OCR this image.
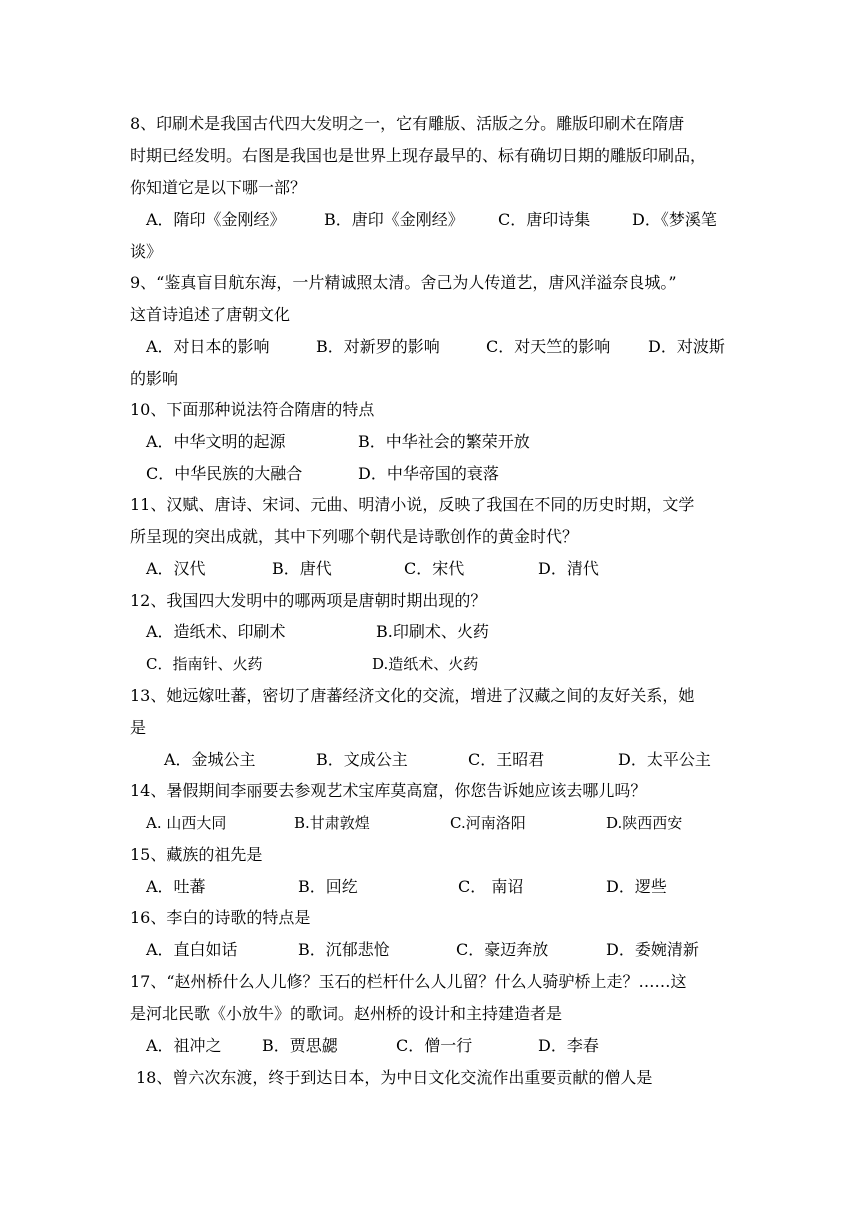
8、印刷术是我国古代四大发明之一，它有雕版、活版之分。雕版印刷术在隋唐
时期已经发明。右图是我国也是世界上现存最早的、标有确切日期的雕版印刷品，
你知道它是以下哪一部？
A．隋印《金刚经》 B．唐印《金刚经》 C．唐印诗集	D．《梦溪笔
谈》
9、“鉴真盲目航东海，一片精诚照太清。舍己为人传道艺，唐风洋溢奈良城。”
这首诗追述了唐朝文化
A．对日本的影响	B．对新罗的影响	C．对天竺的影响 D．对波斯
的影响
10、下面那种说法符合隋唐的特点
A．中华文明的起源	B．中华社会的繁荣开放
C．中华民族的大融合	D．中华帝国的衰落
11、汉赋、唐诗、宋词、元曲、明清小说，反映了我国在不同的历史时期，文学
所呈现的突出成就，其中下列哪个朝代是诗歌创作的黄金时代？
A．汉代	B．唐代	C．宋代	D．清代
12、我国四大发明中的哪两项是唐朝时期出现的？
A．造纸术、印刷术	B.印刷术、火药
C．指南针、火药	D.造纸术、火药
13、她远嫁吐蕃，密切了唐蕃经济文化的交流，增进了汉藏之间的友好关系，她
是
A．金城公主	B．文成公主	C．王昭君	D．太平公主
14、暑假期间李丽要去参观艺术宝库莫高窟，你您告诉她应该去哪儿吗？
A. 山西大同	B.甘肃敦煌	C.河南洛阳	D.陕西西安
15、藏族的祖先是
A．吐蕃	B．回纥	C． 南诏	D．逻些
16、李白的诗歌的特点是
A．直白如话	B．沉郁悲怆	C．豪迈奔放	D．委婉清新
17、“赵州桥什么人儿修？玉石的栏杆什么人儿留？什么人骑驴桥上走？……这
是河北民歌《小放牛》的歌词。赵州桥的设计和主持建造者是
A．祖冲之	B．贾思勰	C．僧一行	D．李春
18、曾六次东渡，终于到达日本，为中日文化交流作出重要贡献的僧人是
